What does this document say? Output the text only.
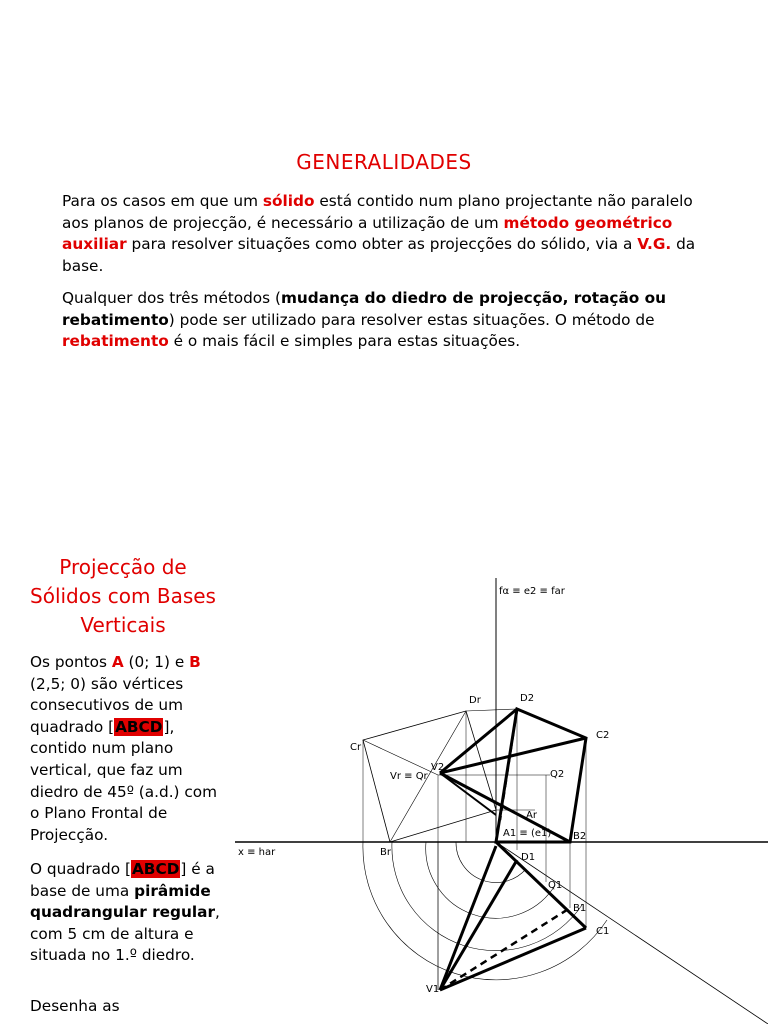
GENERALIDADES

Para os casos em que um sólido está contido num plano projectante não paralelo aos planos de projecção, é necessário a utilização de um método geométrico auxiliar para resolver situações como obter as projecções do sólido, via a V.G. da base.

Qualquer dos três métodos (mudança do diedro de projecção, rotação ou rebatimento) pode ser utilizado para resolver estas situações. O método de rebatimento é o mais fácil e simples para estas situações.

Projecção de Sólidos com Bases Verticais

Os pontos A (0; 1) e B (2,5; 0) são vértices consecutivos de um quadrado [ABCD], contido num plano vertical, que faz um diedro de 45º (a.d.) com o Plano Frontal de Projecção.

O quadrado [ABCD] é a base de uma pirâmide quadrangular regular, com 5 cm de altura e situada no 1.º diedro.

Desenha as

fα ≡ e2 ≡ far
x ≡ har
Dr	D2
C2
Cr
V2
Vr ≡ Qr	Q2
Ar
A1 ≡ (e1) B2
Br	D1
Q1
B1
C1
V1
